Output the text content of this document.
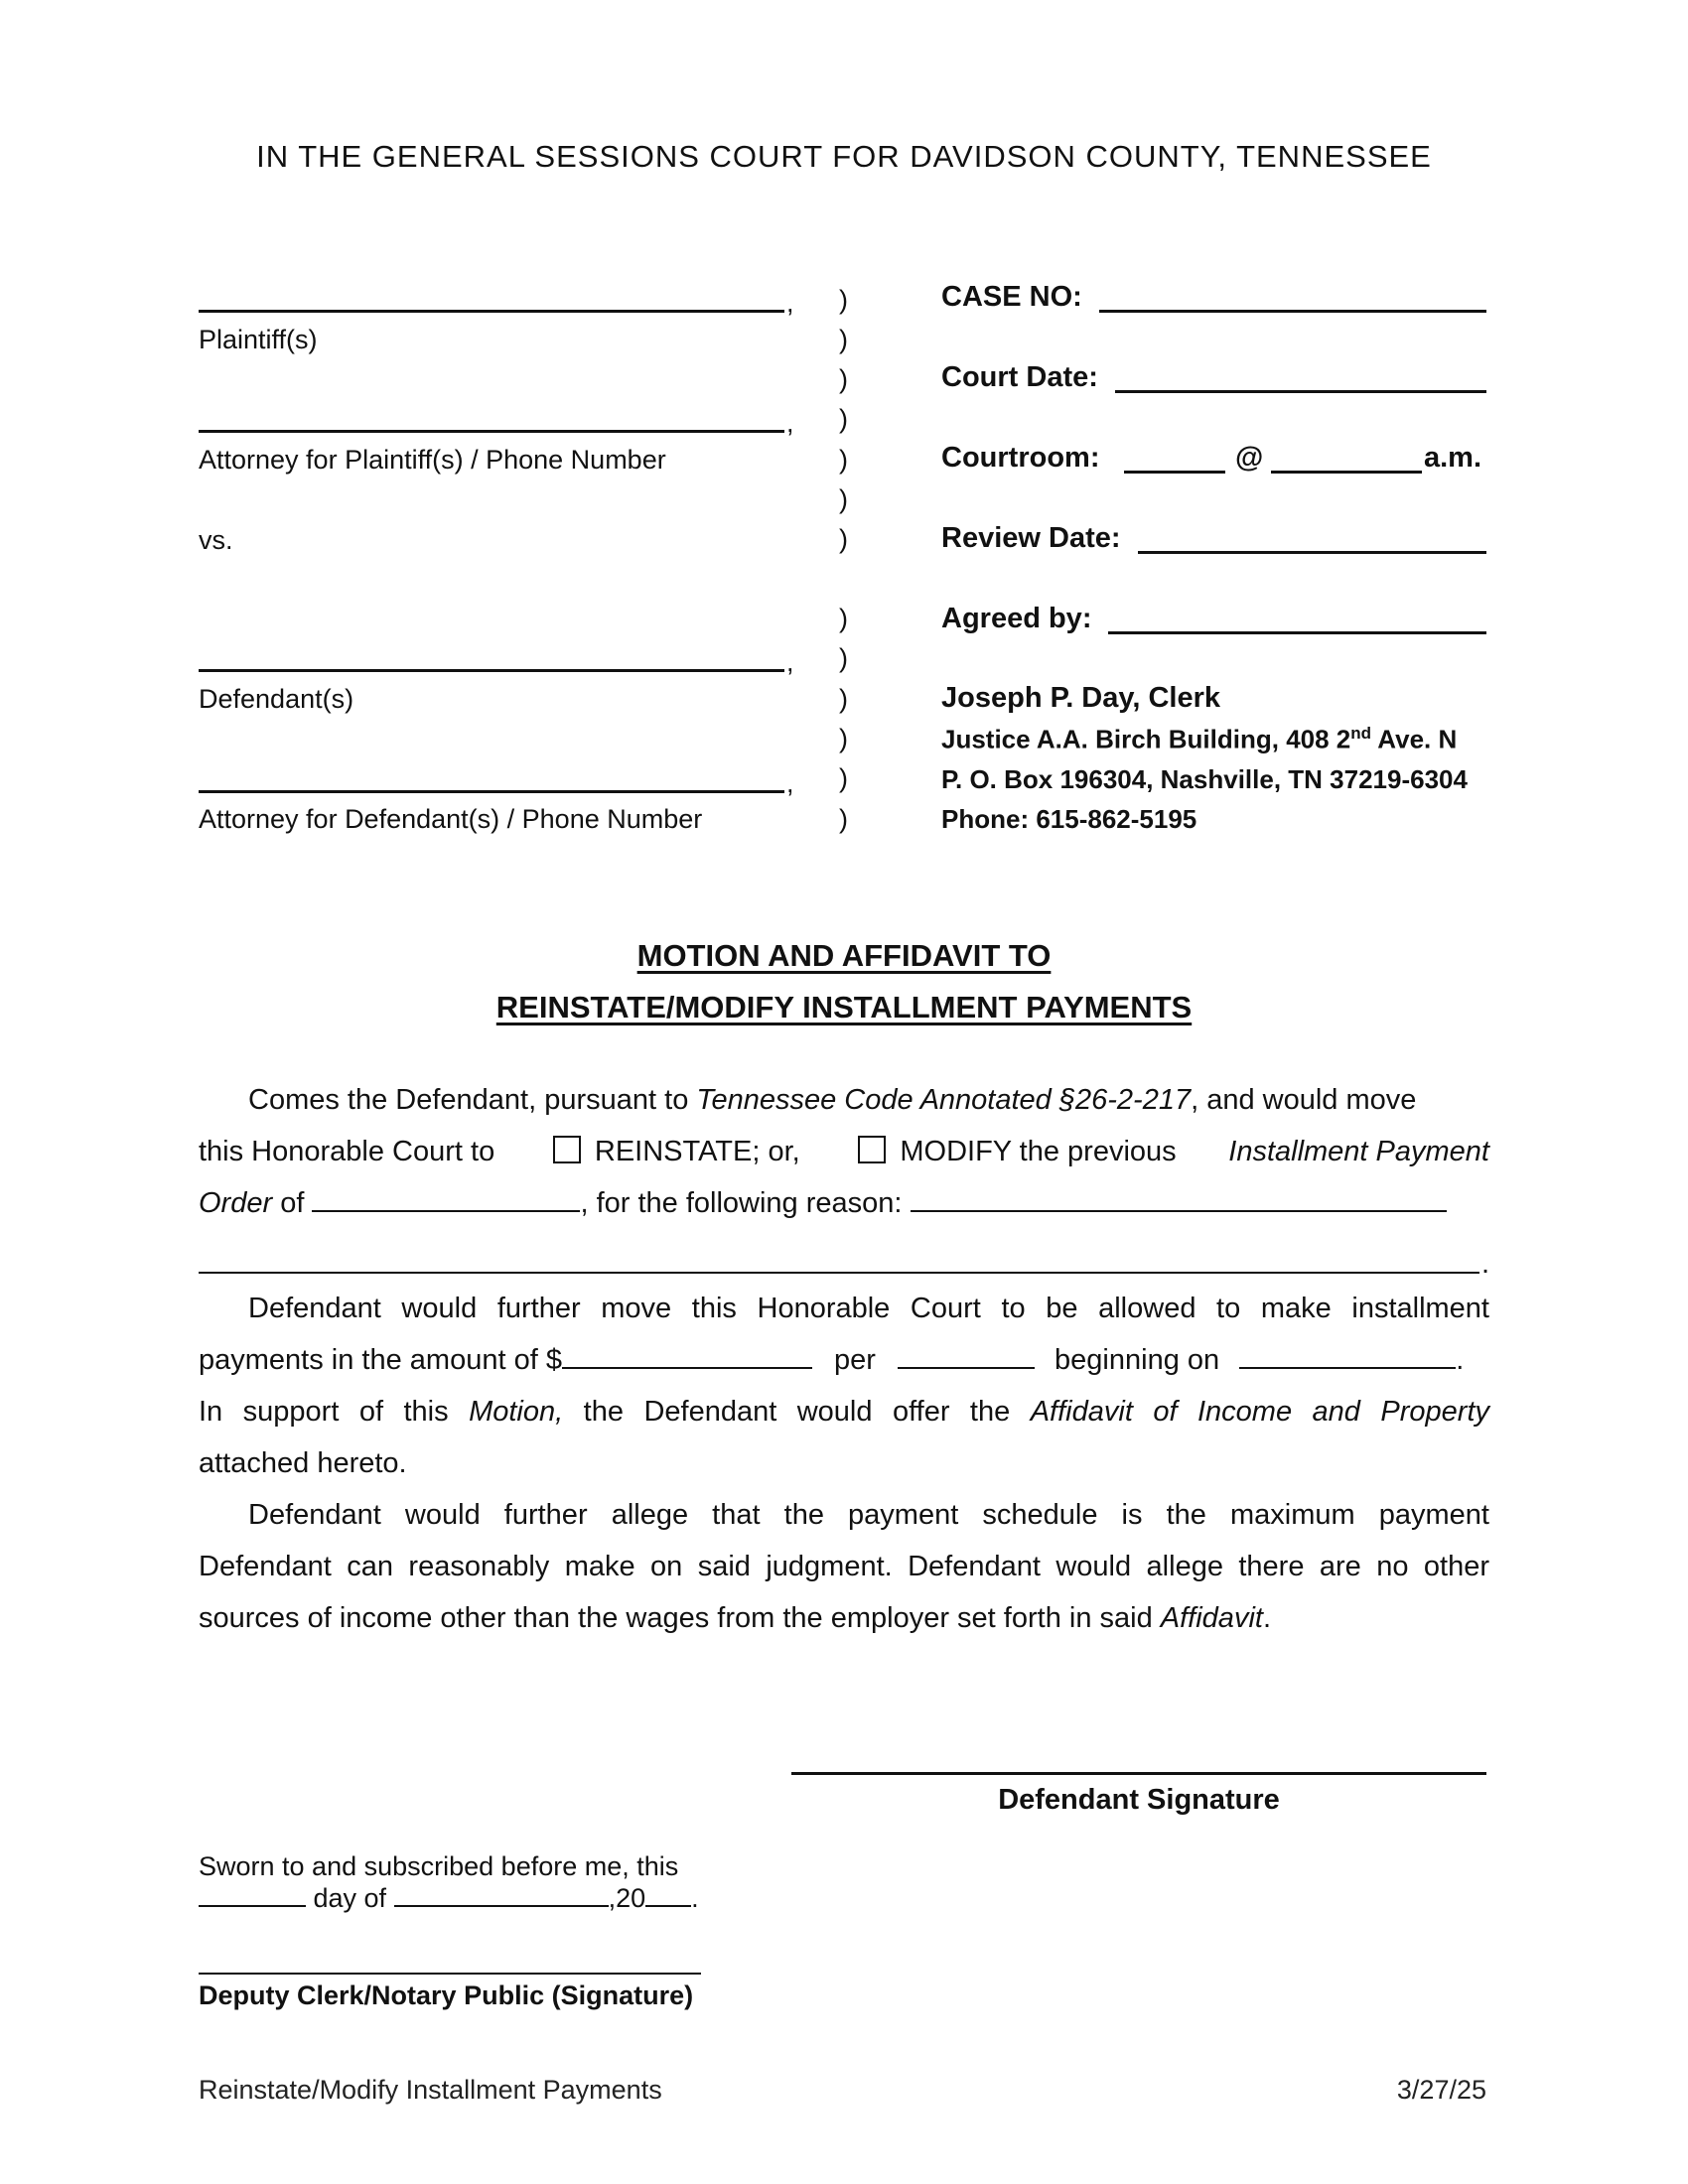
IN THE GENERAL SESSIONS COURT FOR DAVIDSON COUNTY, TENNESSEE
,
Plaintiff(s)
,
Attorney for Plaintiff(s) / Phone Number
vs.
,
Defendant(s)
,
Attorney for Defendant(s) / Phone Number
)
)
)
)
)
)
)
)
)
)
)
)
)
CASE NO:
Court Date:
Courtroom:	@	a.m.
Review Date:
Agreed by:
Joseph P. Day, Clerk
Justice A.A. Birch Building, 408 2nd Ave. N
P. O. Box 196304, Nashville, TN 37219-6304
Phone: 615-862-5195
MOTION AND AFFIDAVIT TO
REINSTATE/MODIFY INSTALLMENT PAYMENTS
Comes the Defendant, pursuant to Tennessee Code Annotated §26-2-217, and would move
this Honorable Court to	REINSTATE; or,	MODIFY the previous Installment Payment
Order of	, for the following reason:
.
Defendant would further move this Honorable Court to be allowed to make installment
payments in the amount of $	per	beginning on	.
In support of this Motion, the Defendant would offer the Affidavit of Income and Property
attached hereto.
Defendant would further allege that the payment schedule is the maximum payment
Defendant can reasonably make on said judgment. Defendant would allege there are no other
sources of income other than the wages from the employer set forth in said Affidavit.
Defendant Signature
Sworn to and subscribed before me, this
day of	,20 .
Deputy Clerk/Notary Public (Signature)
Reinstate/Modify Installment Payments	3/27/25
